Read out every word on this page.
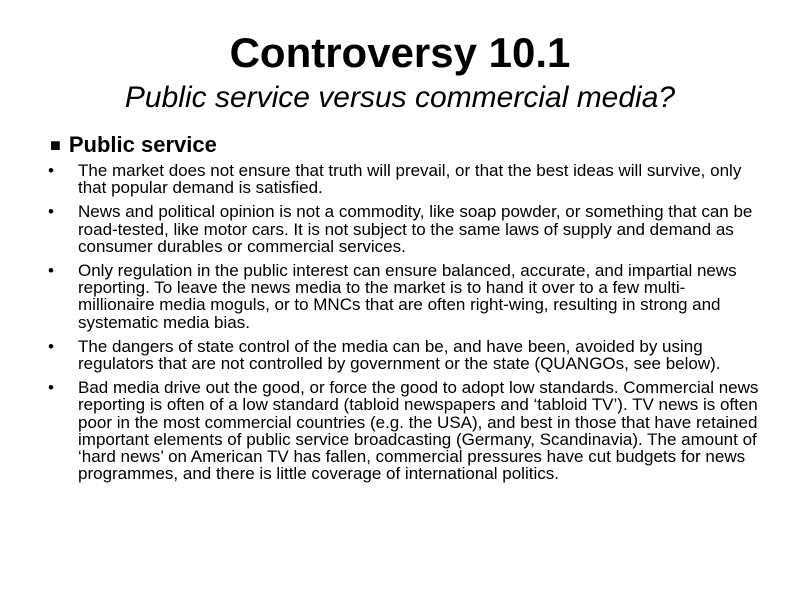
Controversy 10.1
Public service versus commercial media?
■ Public service
•	The market does not ensure that truth will prevail, or that the best ideas will survive, only that popular demand is satisfied.
•	News and political opinion is not a commodity, like soap powder, or something that can be road-tested, like motor cars. It is not subject to the same laws of supply and demand as consumer durables or commercial services.
•	Only regulation in the public interest can ensure balanced, accurate, and impartial news reporting. To leave the news media to the market is to hand it over to a few multi-millionaire media moguls, or to MNCs that are often right-wing, resulting in strong and systematic media bias.
•	The dangers of state control of the media can be, and have been, avoided by using regulators that are not controlled by government or the state (QUANGOs, see below).
•	Bad media drive out the good, or force the good to adopt low standards. Commercial news reporting is often of a low standard (tabloid newspapers and ‘tabloid TV’). TV news is often poor in the most commercial countries (e.g. the USA), and best in those that have retained important elements of public service broadcasting (Germany, Scandinavia). The amount of ‘hard news’ on American TV has fallen, commercial pressures have cut budgets for news programmes, and there is little coverage of international politics.
